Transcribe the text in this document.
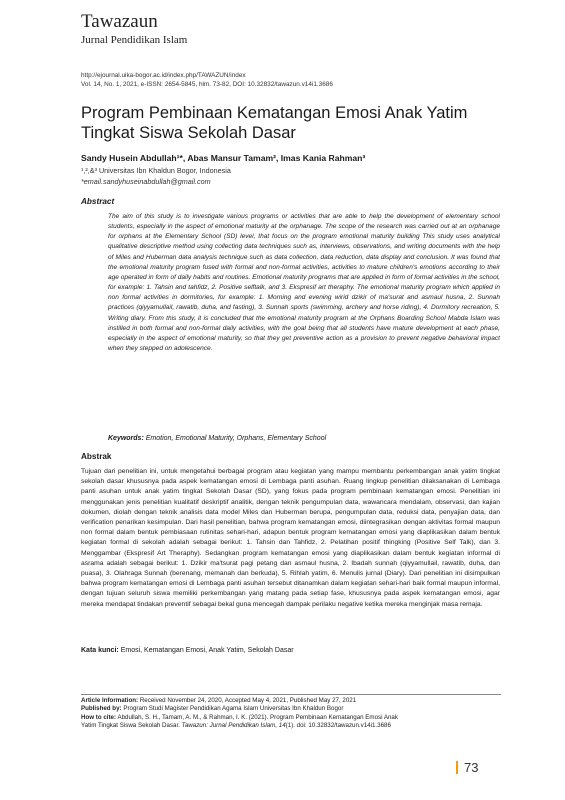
Tawazaun
Jurnal Pendidikan Islam
http://ejournal.uika-bogor.ac.id/index.php/TAWAZUN/index
Vol. 14, No. 1, 2021, e-ISSN: 2654-5845, hlm. 73-82, DOI: 10.32832/tawazun.v14i1.3686
Program Pembinaan Kematangan Emosi Anak Yatim Tingkat Siswa Sekolah Dasar
Sandy Husein Abdullah¹*, Abas Mansur Tamam², Imas Kania Rahman³
¹,²,&³ Universitas Ibn Khaldun Bogor, Indonesia
*email.sandyhuseinabdullah@gmail.com
Abstract
The aim of this study is to investigate various programs or activities that are able to help the development of elementary school students, especially in the aspect of emotional maturity at the orphanage. The scope of the research was carried out at an orphanage for orphans at the Elementary School (SD) level, that focus on the program emotional maturity building This study uses analytical qualitative descriptive method using collecting data techniques such as, interviews, observations, and writing documents with the help of Miles and Huberman data analysis technique such as data collection, data reduction, data display and conclusion. It was found that the emotional maturity program fused with formal and non-formal activities, activities to mature children's emotions according to their age operated in form of daily habits and routines. Emotional maturity programs that are applied in form of formal activities in the school, for example: 1. Tahsin and tahfidz, 2. Positive selftalk, and 3. Ekspresif art theraphy. The emotional maturity program which applied in non formal activities in dormitories, for example: 1. Morning and evening wirid dzikir of ma'surat and asmaul husna, 2. Sunnah practices (qiyyamullail, rawatib, duha, and fasting), 3. Sunnah sports (swimming, archery and horse riding), 4. Dormitory recreation, 5. Writing diary. From this study, it is concluded that the emotional maturity program at the Orphans Boarding School Mabda Islam was instilled in both formal and non-formal daily activities, with the goal being that all students have mature development at each phase, especially in the aspect of emotional maturity, so that they get preventive action as a provision to prevent negative behavioral impact when they stepped on adolescence.
Keywords: Emotion, Emotional Maturity, Orphans, Elementary School
Abstrak
Tujuan dari penelitian ini, untuk mengetahui berbagai program atau kegiatan yang mampu membantu perkembangan anak yatim tingkat sekolah dasar khususnya pada aspek kematangan emosi di Lembaga panti asuhan. Ruang lingkup penelitian dilaksanakan di Lembaga panti asuhan untuk anak yatim tingkat Sekolah Dasar (SD), yang fokus pada program pembinaan kematangan emosi. Penelitian ini menggunakan jenis penelitian kualitatif deskriptif analitik, dengan teknik pengumpulan data, wawancara mendalam, observasi, dan kajian dokumen, diolah dengan teknik analisis data model Miles dan Huberman berupa, pengumpulan data, reduksi data, penyajian data, dan verification penarikan kesimpulan. Dari hasil penelitian, bahwa program kematangan emosi, diintegrasikan dengan aktivitas formal maupun non formal dalam bentuk pembiasaan rutinitas sehari-hari, adapun bentuk program kematangan emosi yang diaplikasikan dalam bentuk kegiatan formal di sekolah adalah sebagai berikut: 1. Tahsin dan Tahfidz, 2. Pelatihan positif thingking (Positive Self Talk), dan 3. Menggambar (Ekspresif Art Theraphy). Sedangkan program kematangan emosi yang diaplikasikan dalam bentuk kegiatan informal di asrama adalah sebagai berikut: 1. Dzikir ma'tsurat pagi petang dan asmaul husna, 2. Ibadah sunnah (qiyyamullail, rawatib, duha, dan puasa), 3. Olahraga Sunnah (berenang, memanah dan berkuda), 5. Rihlah yatim, 6. Menulis jurnal (Diary). Dari penelitian ini disimpulkan bahwa program kematangan emosi di Lembaga panti asuhan tersebut ditanamkan dalam kegiatan sehari-hari baik formal maupun informal, dengan tujuan seluruh siswa memiliki perkembangan yang matang pada setiap fase, khususnya pada aspek kematangan emosi, agar mereka mendapat tindakan preventif sebagai bekal guna mencegah dampak perilaku negative ketika mereka menginjak masa remaja.
Kata kunci: Emosi, Kematangan Emosi, Anak Yatim, Sekolah Dasar
Article Information: Received November 24, 2020, Accepted May 4, 2021, Published May 27, 2021
Published by: Program Studi Magister Pendidikan Agama Islam Universitas Ibn Khaldun Bogor
How to cite: Abdullah, S. H., Tamam, A. M., & Rahman, I. K. (2021). Program Pembinaan Kematangan Emosi Anak
Yatim Tingkat Siswa Sekolah Dasar. Tawazun: Jurnal Pendidikan Islam, 14(1). doi: 10.32832/tawazun.v14i1.3686
73
